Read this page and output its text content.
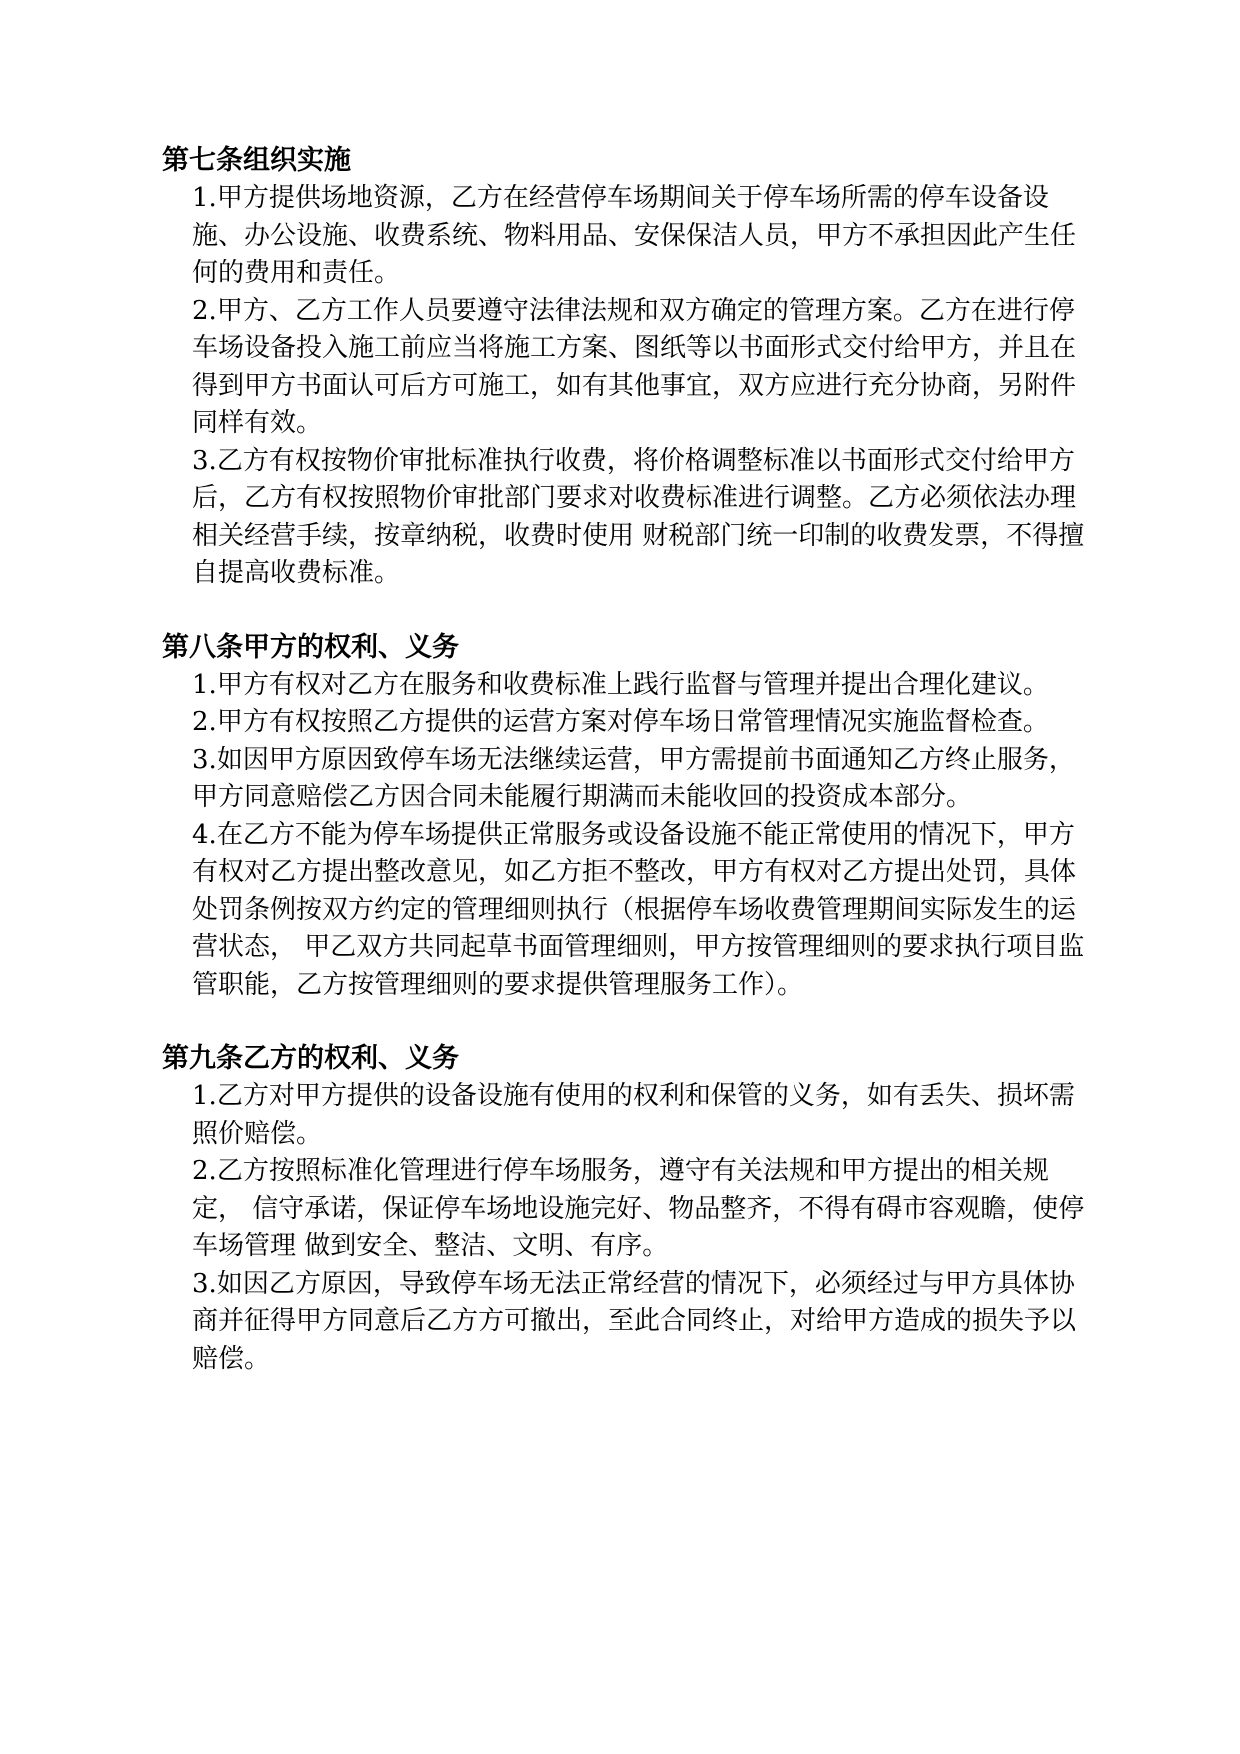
第七条组织实施

1.甲方提供场地资源，乙方在经营停车场期间关于停车场所需的停车设备设施、办公设施、收费系统、物料用品、安保保洁人员，甲方不承担因此产生任何的费用和责任。

2.甲方、乙方工作人员要遵守法律法规和双方确定的管理方案。乙方在进行停车场设备投入施工前应当将施工方案、图纸等以书面形式交付给甲方，并且在得到甲方书面认可后方可施工，如有其他事宜，双方应进行充分协商，另附件同样有效。

3.乙方有权按物价审批标准执行收费，将价格调整标准以书面形式交付给甲方后，乙方有权按照物价审批部门要求对收费标准进行调整。乙方必须依法办理相关经营手续，按章纳税，收费时使用 财税部门统一印制的收费发票，不得擅自提高收费标准。

第八条甲方的权利、义务

1.甲方有权对乙方在服务和收费标准上践行监督与管理并提出合理化建议。

2.甲方有权按照乙方提供的运营方案对停车场日常管理情况实施监督检查。

3.如因甲方原因致停车场无法继续运营，甲方需提前书面通知乙方终止服务， 甲方同意赔偿乙方因合同未能履行期满而未能收回的投资成本部分。

4.在乙方不能为停车场提供正常服务或设备设施不能正常使用的情况下，甲方有权对乙方提出整改意见，如乙方拒不整改，甲方有权对乙方提出处罚，具体处罚条例按双方约定的管理细则执行（根据停车场收费管理期间实际发生的运营状态， 甲乙双方共同起草书面管理细则，甲方按管理细则的要求执行项目监管职能，乙方按管理细则的要求提供管理服务工作）。

第九条乙方的权利、义务

1.乙方对甲方提供的设备设施有使用的权利和保管的义务，如有丢失、损坏需 照价赔偿。

2.乙方按照标准化管理进行停车场服务，遵守有关法规和甲方提出的相关规定， 信守承诺，保证停车场地设施完好、物品整齐，不得有碍市容观瞻，使停车场管理 做到安全、整洁、文明、有序。

3.如因乙方原因，导致停车场无法正常经营的情况下，必须经过与甲方具体协 商并征得甲方同意后乙方方可撤出，至此合同终止，对给甲方造成的损失予以赔偿。
